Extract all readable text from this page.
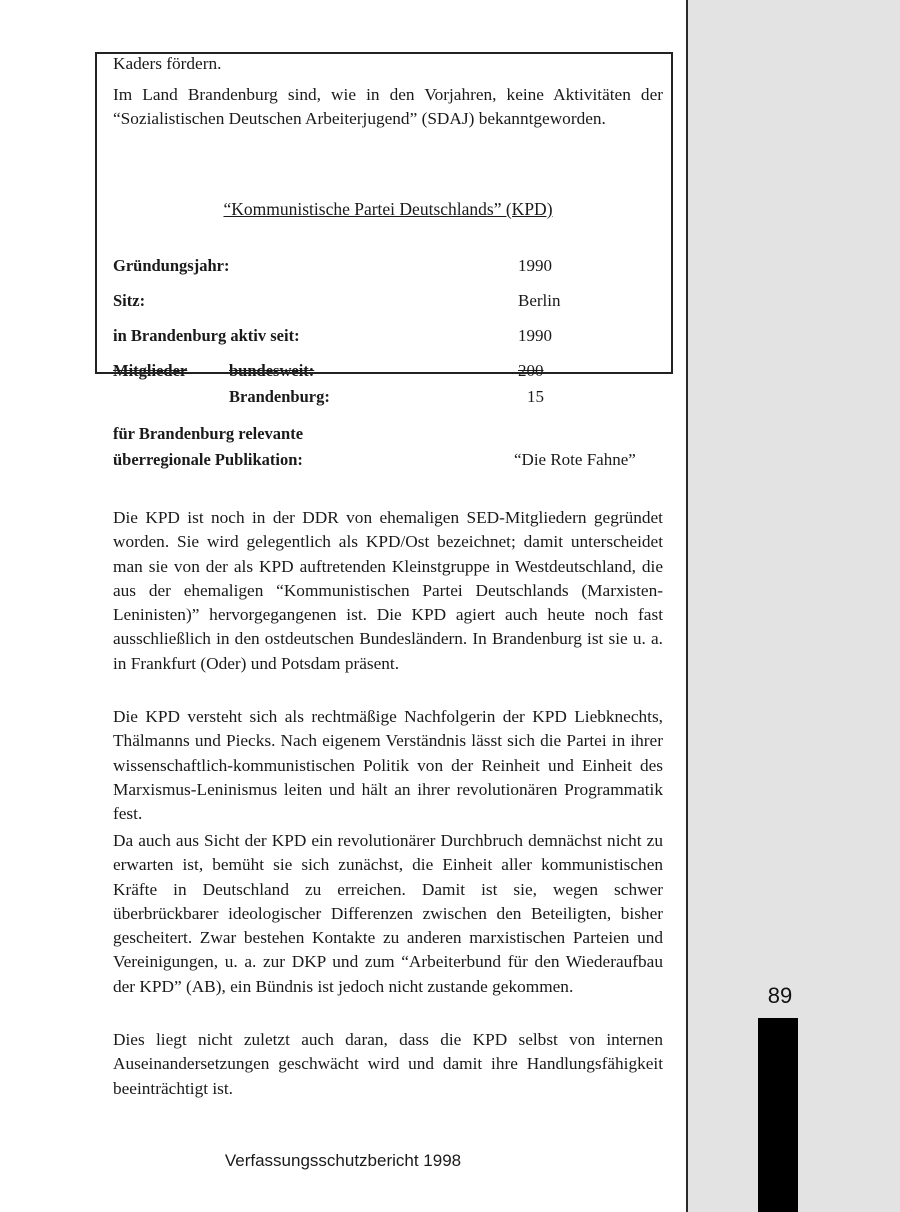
Kaders fördern.

Im Land Brandenburg sind, wie in den Vorjahren, keine Aktivitäten der “Sozialistischen Deutschen Arbeiterjugend” (SDAJ) bekanntgeworden.

“Kommunistische Partei Deutschlands” (KPD)
Gründungsjahr:	1990
Sitz:	Berlin
in Brandenburg aktiv seit:	1990
Mitglieder	bundesweit:	200
Brandenburg:	15
für Brandenburg relevante
überregionale Publikation:	“Die Rote Fahne”

Die KPD ist noch in der DDR von ehemaligen SED-Mitgliedern gegründet worden. Sie wird gelegentlich als KPD/Ost bezeichnet; damit unterscheidet man sie von der als KPD auftretenden Kleinstgruppe in Westdeutschland, die aus der ehemaligen “Kommunistischen Partei Deutschlands (Marxisten-Leninisten)” hervorgegangenen ist. Die KPD agiert auch heute noch fast ausschließlich in den ostdeutschen Bundesländern. In Brandenburg ist sie u. a. in Frankfurt (Oder) und Potsdam präsent.

Die KPD versteht sich als rechtmäßige Nachfolgerin der KPD Liebknechts, Thälmanns und Piecks. Nach eigenem Verständnis lässt sich die Partei in ihrer wissenschaftlich-kommunistischen Politik von der Reinheit und Einheit des Marxismus-Leninismus leiten und hält an ihrer revolutionären Programmatik fest.

Da auch aus Sicht der KPD ein revolutionärer Durchbruch demnächst nicht zu erwarten ist, bemüht sie sich zunächst, die Einheit aller kommunistischen Kräfte in Deutschland zu erreichen. Damit ist sie, wegen schwer überbrückbarer ideologischer Differenzen zwischen den Beteiligten, bisher gescheitert. Zwar bestehen Kontakte zu anderen marxistischen Parteien und Vereinigungen, u. a. zur DKP und zum “Arbeiterbund für den Wiederaufbau der KPD” (AB), ein Bündnis ist jedoch nicht zustande gekommen.

Dies liegt nicht zuletzt auch daran, dass die KPD selbst von internen Auseinandersetzungen geschwächt wird und damit ihre Handlungsfähigkeit beeinträchtigt ist.

Verfassungsschutzbericht 1998
89
